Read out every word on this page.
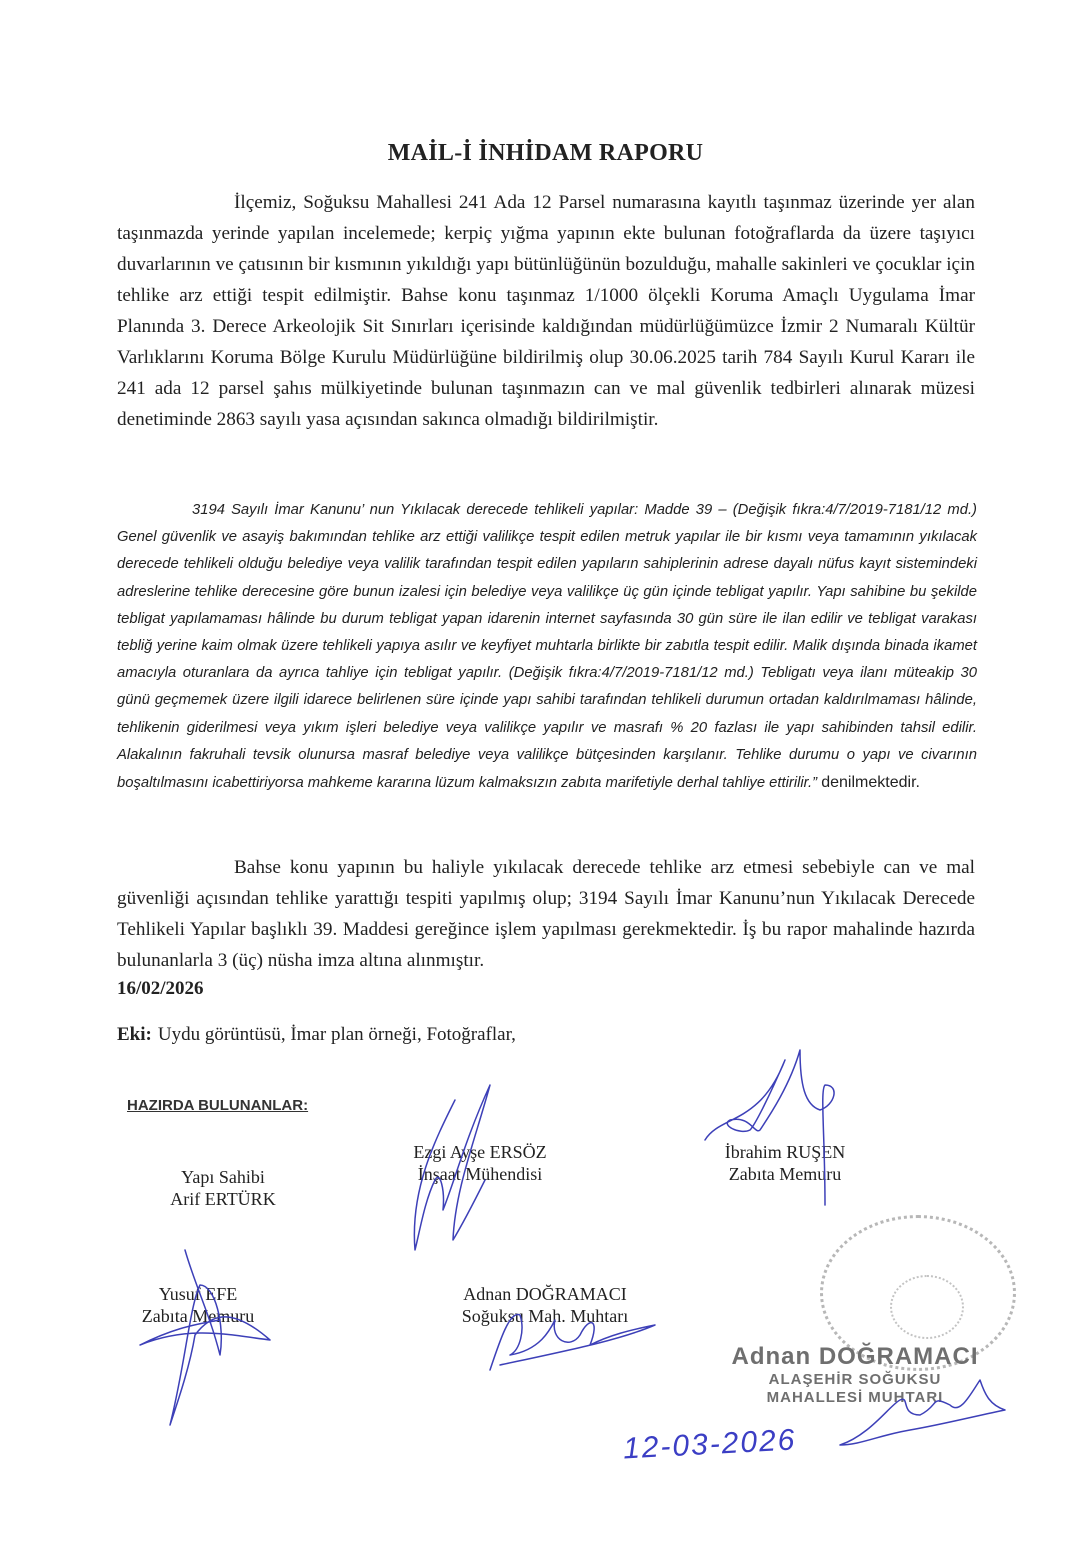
MAİL-İ İNHİDAM RAPORU
İlçemiz, Soğuksu Mahallesi 241 Ada 12 Parsel numarasına kayıtlı taşınmaz üzerinde yer alan taşınmazda yerinde yapılan incelemede; kerpiç yığma yapının ekte bulunan fotoğraflarda da üzere taşıyıcı duvarlarının ve çatısının bir kısmının yıkıldığı yapı bütünlüğünün bozulduğu, mahalle sakinleri ve çocuklar için tehlike arz ettiği tespit edilmiştir. Bahse konu taşınmaz 1/1000 ölçekli Koruma Amaçlı Uygulama İmar Planında 3. Derece Arkeolojik Sit Sınırları içerisinde kaldığından müdürlüğümüzce İzmir 2 Numaralı Kültür Varlıklarını Koruma Bölge Kurulu Müdürlüğüne bildirilmiş olup 30.06.2025 tarih 784 Sayılı Kurul Kararı ile 241 ada 12 parsel şahıs mülkiyetinde bulunan taşınmazın can ve mal güvenlik tedbirleri alınarak müzesi denetiminde 2863 sayılı yasa açısından sakınca olmadığı bildirilmiştir.
3194 Sayılı İmar Kanunu’ nun Yıkılacak derecede tehlikeli yapılar: Madde 39 – (Değişik fıkra:4/7/2019-7181/12 md.) Genel güvenlik ve asayiş bakımından tehlike arz ettiği valilikçe tespit edilen metruk yapılar ile bir kısmı veya tamamının yıkılacak derecede tehlikeli olduğu belediye veya valilik tarafından tespit edilen yapıların sahiplerinin adrese dayalı nüfus kayıt sistemindeki adreslerine tehlike derecesine göre bunun izalesi için belediye veya valilikçe üç gün içinde tebligat yapılır. Yapı sahibine bu şekilde tebligat yapılamaması hâlinde bu durum tebligat yapan idarenin internet sayfasında 30 gün süre ile ilan edilir ve tebligat varakası tebliğ yerine kaim olmak üzere tehlikeli yapıya asılır ve keyfiyet muhtarla birlikte bir zabıtla tespit edilir. Malik dışında binada ikamet amacıyla oturanlara da ayrıca tahliye için tebligat yapılır. (Değişik fıkra:4/7/2019-7181/12 md.) Tebligatı veya ilanı müteakip 30 günü geçmemek üzere ilgili idarece belirlenen süre içinde yapı sahibi tarafından tehlikeli durumun ortadan kaldırılmaması hâlinde, tehlikenin giderilmesi veya yıkım işleri belediye veya valilikçe yapılır ve masrafı % 20 fazlası ile yapı sahibinden tahsil edilir. Alakalının fakruhali tevsik olunursa masraf belediye veya valilikçe bütçesinden karşılanır. Tehlike durumu o yapı ve civarının boşaltılmasını icabettiriyorsa mahkeme kararına lüzum kalmaksızın zabıta marifetiyle derhal tahliye ettirilir.” denilmektedir.
Bahse konu yapının bu haliyle yıkılacak derecede tehlike arz etmesi sebebiyle can ve mal güvenliği açısından tehlike yarattığı tespiti yapılmış olup; 3194 Sayılı İmar Kanunu’nun Yıkılacak Derecede Tehlikeli Yapılar başlıklı 39. Maddesi gereğince işlem yapılması gerekmektedir. İş bu rapor mahalinde hazırda bulunanlarla 3 (üç) nüsha imza altına alınmıştır.
16/02/2026
Eki: Uydu görüntüsü, İmar plan örneği, Fotoğraflar,
HAZIRDA BULUNANLAR:
Yapı Sahibi
Arif ERTÜRK
Ezgi Ayşe ERSÖZ
İnşaat Mühendisi
İbrahim RUŞEN
Zabıta Memuru
Yusuf EFE
Zabıta Memuru
Adnan DOĞRAMACI
Soğuksu Mah. Muhtarı
Adnan DOĞRAMACI
ALAŞEHİR SOĞUKSU
MAHALLESİ MUHTARI
12-03-2026
